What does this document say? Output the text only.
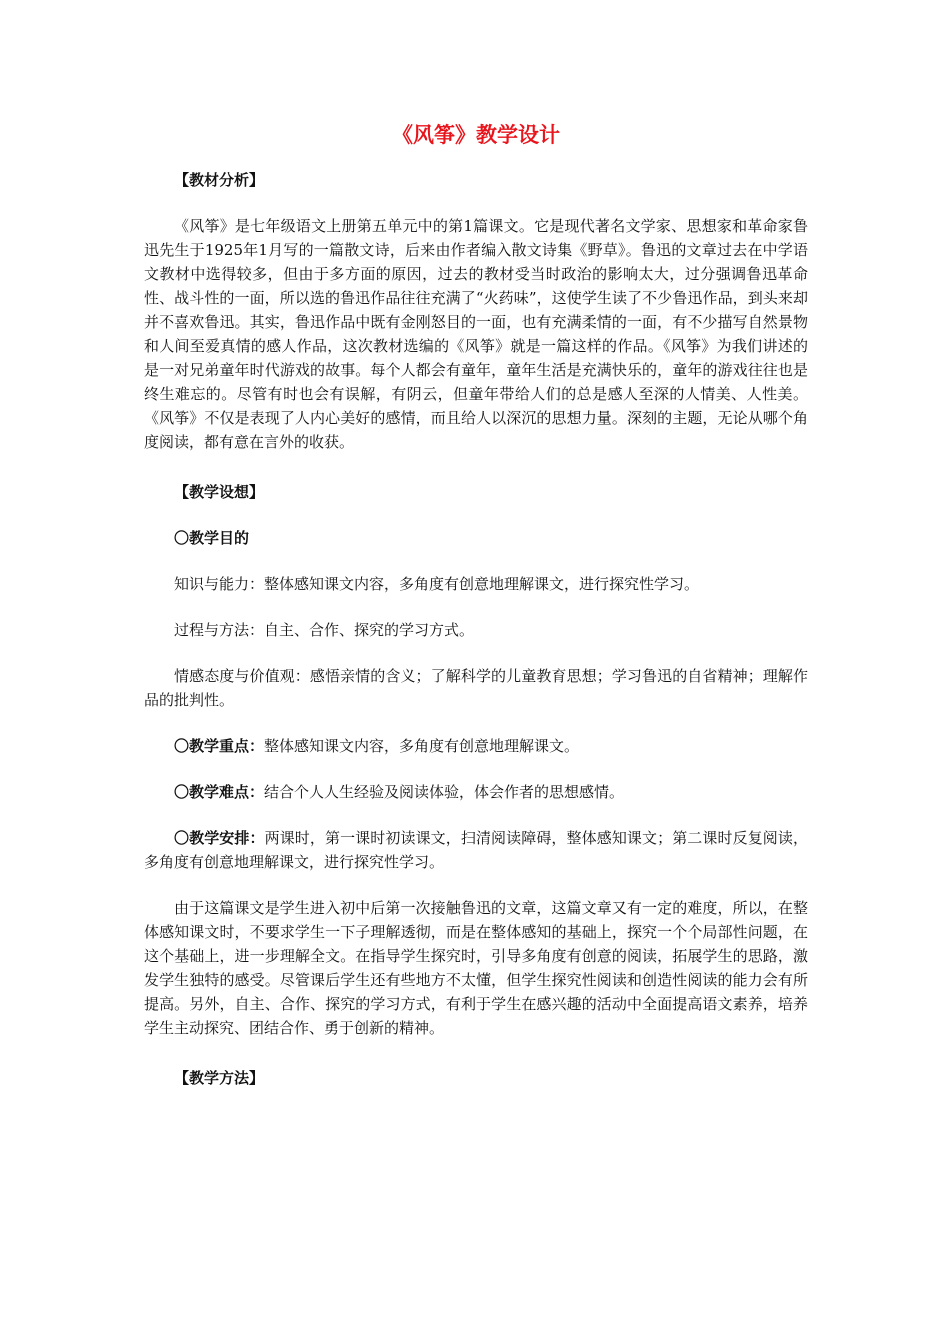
《风筝》教学设计
【教材分析】

《风筝》是七年级语文上册第五单元中的第1篇课文。它是现代著名文学家、思想家和革命家鲁迅先生于1925年1月写的一篇散文诗，后来由作者编入散文诗集《野草》。鲁迅的文章过去在中学语文教材中选得较多，但由于多方面的原因，过去的教材受当时政治的影响太大，过分强调鲁迅革命性、战斗性的一面，所以选的鲁迅作品往往充满了“火药味”，这使学生读了不少鲁迅作品，到头来却并不喜欢鲁迅。其实，鲁迅作品中既有金刚怒目的一面，也有充满柔情的一面，有不少描写自然景物和人间至爱真情的感人作品，这次教材选编的《风筝》就是一篇这样的作品。《风筝》为我们讲述的是一对兄弟童年时代游戏的故事。每个人都会有童年，童年生活是充满快乐的，童年的游戏往往也是终生难忘的。尽管有时也会有误解，有阴云，但童年带给人们的总是感人至深的人情美、人性美。《风筝》不仅是表现了人内心美好的感情，而且给人以深沉的思想力量。深刻的主题，无论从哪个角度阅读，都有意在言外的收获。

【教学设想】

〇教学目的

知识与能力：整体感知课文内容，多角度有创意地理解课文，进行探究性学习。

过程与方法：自主、合作、探究的学习方式。

情感态度与价值观：感悟亲情的含义；了解科学的儿童教育思想；学习鲁迅的自省精神；理解作品的批判性。

〇教学重点：整体感知课文内容，多角度有创意地理解课文。

〇教学难点：结合个人人生经验及阅读体验，体会作者的思想感情。

〇教学安排：两课时，第一课时初读课文，扫清阅读障碍，整体感知课文；第二课时反复阅读，多角度有创意地理解课文，进行探究性学习。

由于这篇课文是学生进入初中后第一次接触鲁迅的文章，这篇文章又有一定的难度，所以，在整体感知课文时，不要求学生一下子理解透彻，而是在整体感知的基础上，探究一个个局部性问题，在这个基础上，进一步理解全文。在指导学生探究时，引导多角度有创意的阅读，拓展学生的思路，激发学生独特的感受。尽管课后学生还有些地方不太懂，但学生探究性阅读和创造性阅读的能力会有所提高。另外，自主、合作、探究的学习方式，有利于学生在感兴趣的活动中全面提高语文素养，培养学生主动探究、团结合作、勇于创新的精神。

【教学方法】
